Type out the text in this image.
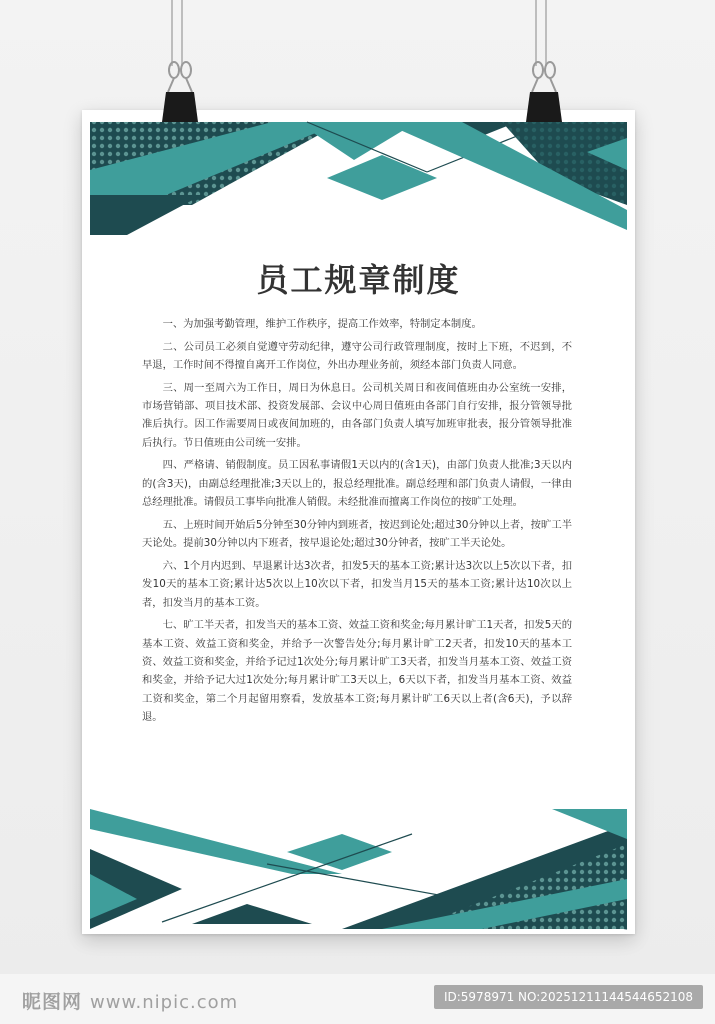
员工规章制度

一、为加强考勤管理，维护工作秩序，提高工作效率，特制定本制度。

二、公司员工必须自觉遵守劳动纪律，遵守公司行政管理制度，按时上下班，不迟到，不早退，工作时间不得擅自离开工作岗位，外出办理业务前，须经本部门负责人同意。

三、周一至周六为工作日，周日为休息日。公司机关周日和夜间值班由办公室统一安排，市场营销部、项目技术部、投资发展部、会议中心周日值班由各部门自行安排，报分管领导批准后执行。因工作需要周日或夜间加班的，由各部门负责人填写加班审批表，报分管领导批准后执行。节日值班由公司统一安排。

四、严格请、销假制度。员工因私事请假1天以内的(含1天)，由部门负责人批准;3天以内的(含3天)，由副总经理批准;3天以上的，报总经理批准。副总经理和部门负责人请假，一律由总经理批准。请假员工事毕向批准人销假。未经批准而擅离工作岗位的按旷工处理。

五、上班时间开始后5分钟至30分钟内到班者，按迟到论处;超过30分钟以上者，按旷工半天论处。提前30分钟以内下班者，按早退论处;超过30分钟者，按旷工半天论处。

六、1个月内迟到、早退累计达3次者，扣发5天的基本工资;累计达3次以上5次以下者，扣发10天的基本工资;累计达5次以上10次以下者，扣发当月15天的基本工资;累计达10次以上者，扣发当月的基本工资。

七、旷工半天者，扣发当天的基本工资、效益工资和奖金;每月累计旷工1天者，扣发5天的基本工资、效益工资和奖金，并给予一次警告处分;每月累计旷工2天者，扣发10天的基本工资、效益工资和奖金，并给予记过1次处分;每月累计旷工3天者，扣发当月基本工资、效益工资和奖金，并给予记大过1次处分;每月累计旷工3天以上，6天以下者，扣发当月基本工资、效益工资和奖金，第二个月起留用察看，发放基本工资;每月累计旷工6天以上者(含6天)，予以辞退。

昵图网 www.nipic.com	ID:5978971 NO:20251211144544652108
